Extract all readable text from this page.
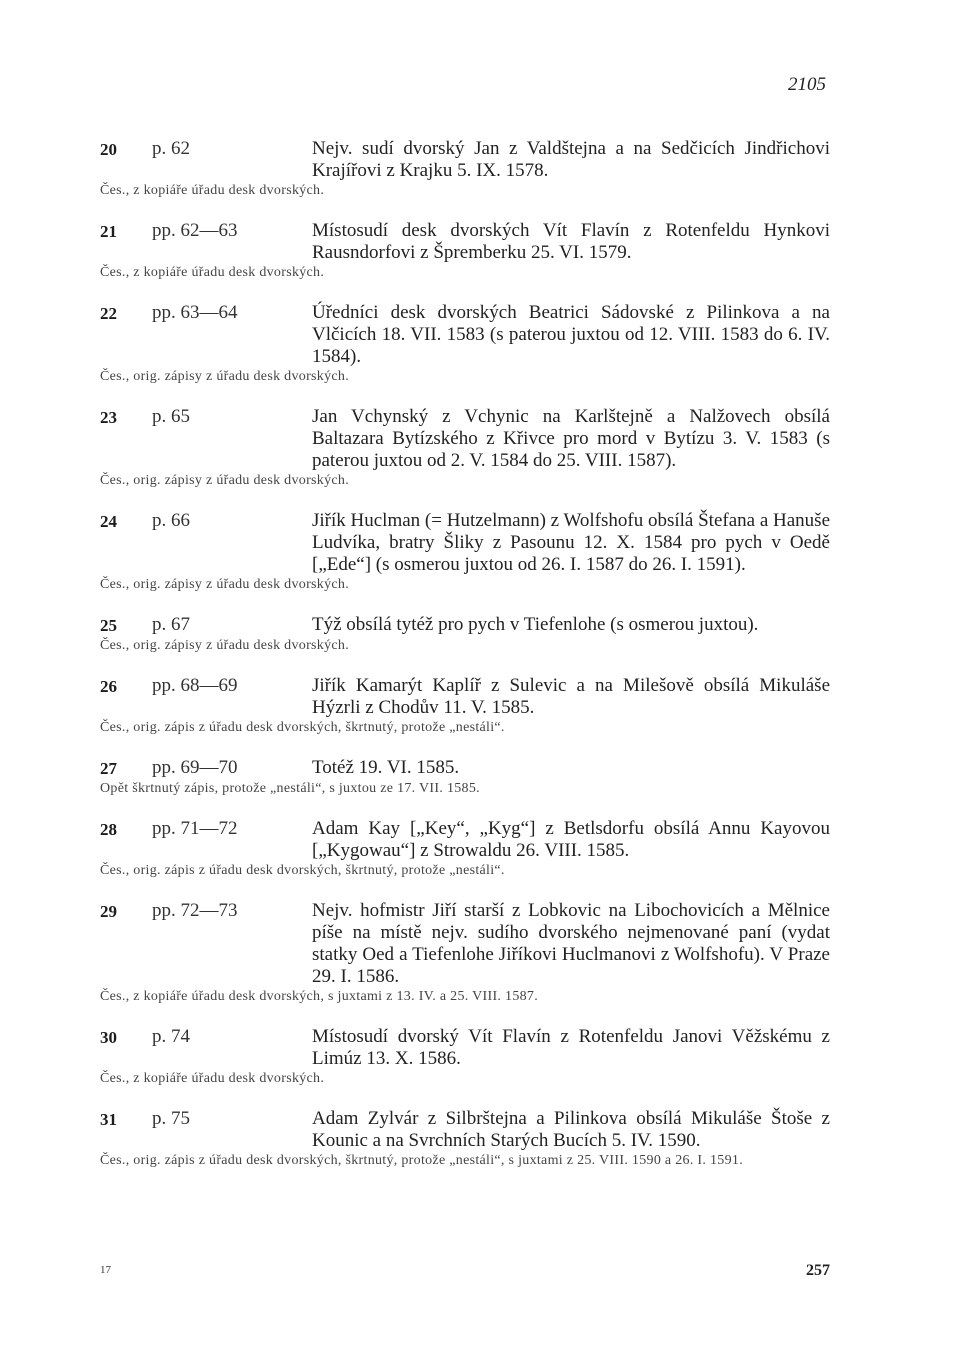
2105
20	p. 62	Nejv. sudí dvorský Jan z Valdštejna a na Sedčicích Jindřichovi Krajířovi z Krajku 5. IX. 1578.
Čes., z kopiáře úřadu desk dvorských.
21	pp. 62—63	Místosudí desk dvorských Vít Flavín z Rotenfeldu Hynkovi Rausndorfovi z Špremberku 25. VI. 1579.
Čes., z kopiáře úřadu desk dvorských.
22	pp. 63—64	Úředníci desk dvorských Beatrici Sádovské z Pilinkova a na Vlčicích 18. VII. 1583 (s paterou juxtou od 12. VIII. 1583 do 6. IV. 1584).
Čes., orig. zápisy z úřadu desk dvorských.
23	p. 65	Jan Vchynský z Vchynic na Karlštejně a Nalžovech obsílá Baltazara Bytízského z Křivce pro mord v Bytízu 3. V. 1583 (s paterou juxtou od 2. V. 1584 do 25. VIII. 1587).
Čes., orig. zápisy z úřadu desk dvorských.
24	p. 66	Jiřík Huclman (= Hutzelmann) z Wolfshofu obsílá Štefana a Hanuše Ludvíka, bratry Šliky z Pasounu 12. X. 1584 pro pych v Oedě [„Ede“] (s osmerou juxtou od 26. I. 1587 do 26. I. 1591).
Čes., orig. zápisy z úřadu desk dvorských.
25	p. 67	Týž obsílá tytéž pro pych v Tiefenlohe (s osmerou juxtou).
Čes., orig. zápisy z úřadu desk dvorských.
26	pp. 68—69	Jiřík Kamarýt Kaplíř z Sulevic a na Milešově obsílá Mikuláše Hýzrli z Chodův 11. V. 1585.
Čes., orig. zápis z úřadu desk dvorských, škrtnutý, protože „nestáli“.
27	pp. 69—70	Totéž 19. VI. 1585.
Opět škrtnutý zápis, protože „nestáli“, s juxtou ze 17. VII. 1585.
28	pp. 71—72	Adam Kay [„Key“, „Kyg“] z Betlsdorfu obsílá Annu Kayovou [„Kygowau“] z Strowaldu 26. VIII. 1585.
Čes., orig. zápis z úřadu desk dvorských, škrtnutý, protože „nestáli“.
29	pp. 72—73	Nejv. hofmistr Jiří starší z Lobkovic na Libochovicích a Mělnice píše na místě nejv. sudího dvorského nejmenované paní (vydat statky Oed a Tiefenlohe Jiříkovi Huclmanovi z Wolfshofu). V Praze 29. I. 1586.
Čes., z kopiáře úřadu desk dvorských, s juxtami z 13. IV. a 25. VIII. 1587.
30	p. 74	Místosudí dvorský Vít Flavín z Rotenfeldu Janovi Věžskému z Limúz 13. X. 1586.
Čes., z kopiáře úřadu desk dvorských.
31	p. 75	Adam Zylvár z Silbrštejna a Pilinkova obsílá Mikuláše Štoše z Kounic a na Svrchních Starých Bucích 5. IV. 1590.
Čes., orig. zápis z úřadu desk dvorských, škrtnutý, protože „nestáli“, s juxtami z 25. VIII. 1590 a 26. I. 1591.
17	257
